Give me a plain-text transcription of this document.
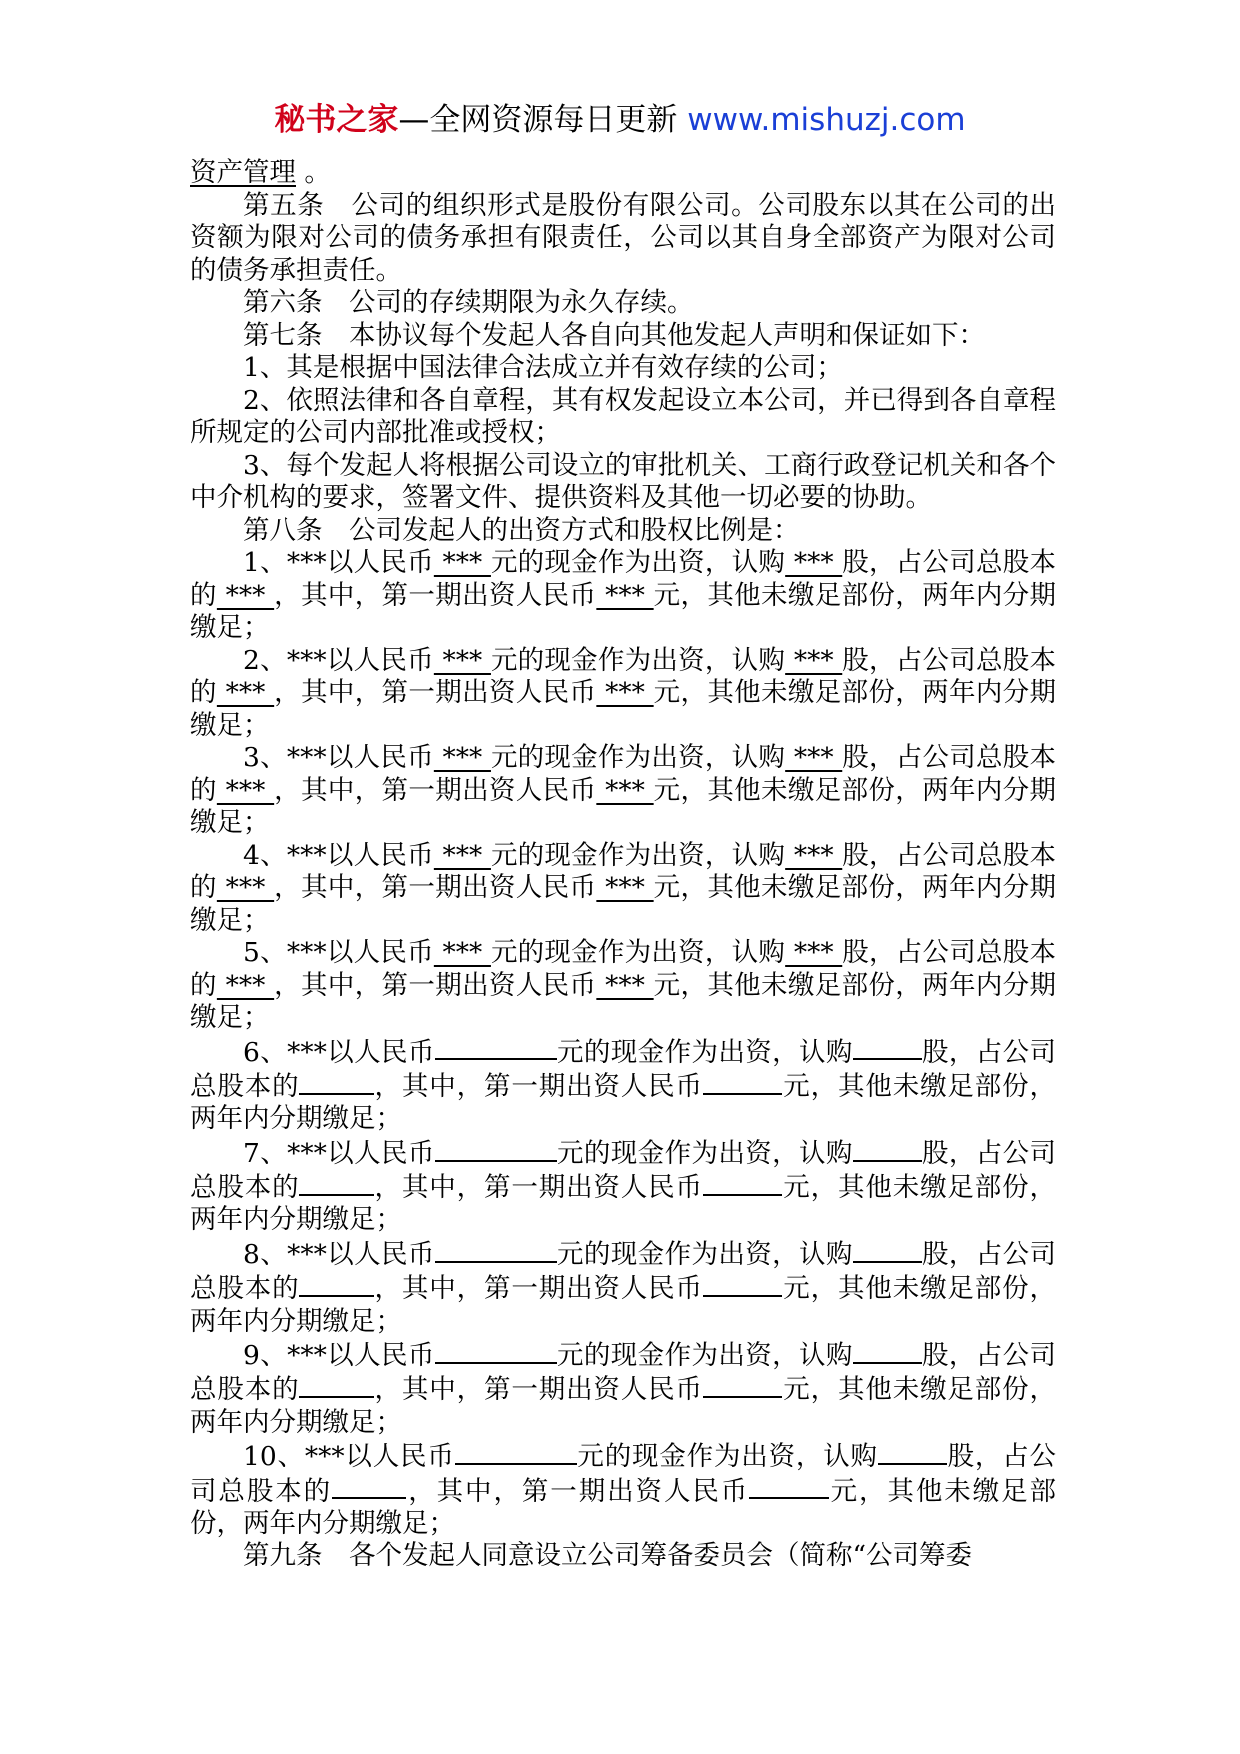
秘书之家—全网资源每日更新 www.mishuzj.com

资产管理 。

第五条 公司的组织形式是股份有限公司。公司股东以其在公司的出资额为限对公司的债务承担有限责任，公司以其自身全部资产为限对公司的债务承担责任。

第六条 公司的存续期限为永久存续。

第七条 本协议每个发起人各自向其他发起人声明和保证如下：

1、其是根据中国法律合法成立并有效存续的公司；

2、依照法律和各自章程，其有权发起设立本公司，并已得到各自章程所规定的公司内部批准或授权；

3、每个发起人将根据公司设立的审批机关、工商行政登记机关和各个中介机构的要求，签署文件、提供资料及其他一切必要的协助。

第八条 公司发起人的出资方式和股权比例是：

1、***以人民币 *** 元的现金作为出资，认购 *** 股，占公司总股本的 *** ，其中，第一期出资人民币 *** 元，其他未缴足部份，两年内分期缴足；

2、***以人民币 *** 元的现金作为出资，认购 *** 股，占公司总股本的 *** ，其中，第一期出资人民币 *** 元，其他未缴足部份，两年内分期缴足；

3、***以人民币 *** 元的现金作为出资，认购 *** 股，占公司总股本的 *** ，其中，第一期出资人民币 *** 元，其他未缴足部份，两年内分期缴足；

4、***以人民币 *** 元的现金作为出资，认购 *** 股，占公司总股本的 *** ，其中，第一期出资人民币 *** 元，其他未缴足部份，两年内分期缴足；

5、***以人民币 *** 元的现金作为出资，认购 *** 股，占公司总股本的 *** ，其中，第一期出资人民币 *** 元，其他未缴足部份，两年内分期缴足；

6、***以人民币	元的现金作为出资，认购	股，占公司总股本的	，其中，第一期出资人民币	元，其他未缴足部份，两年内分期缴足；

7、***以人民币	元的现金作为出资，认购	股，占公司总股本的	，其中，第一期出资人民币	元，其他未缴足部份，两年内分期缴足；

8、***以人民币	元的现金作为出资，认购	股，占公司总股本的	，其中，第一期出资人民币	元，其他未缴足部份，两年内分期缴足；

9、***以人民币	元的现金作为出资，认购	股，占公司总股本的	，其中，第一期出资人民币	元，其他未缴足部份，两年内分期缴足；

10、***以人民币	元的现金作为出资，认购	股，占公司总股本的	，其中，第一期出资人民币	元，其他未缴足部份，两年内分期缴足；

第九条 各个发起人同意设立公司筹备委员会（简称“公司筹委
